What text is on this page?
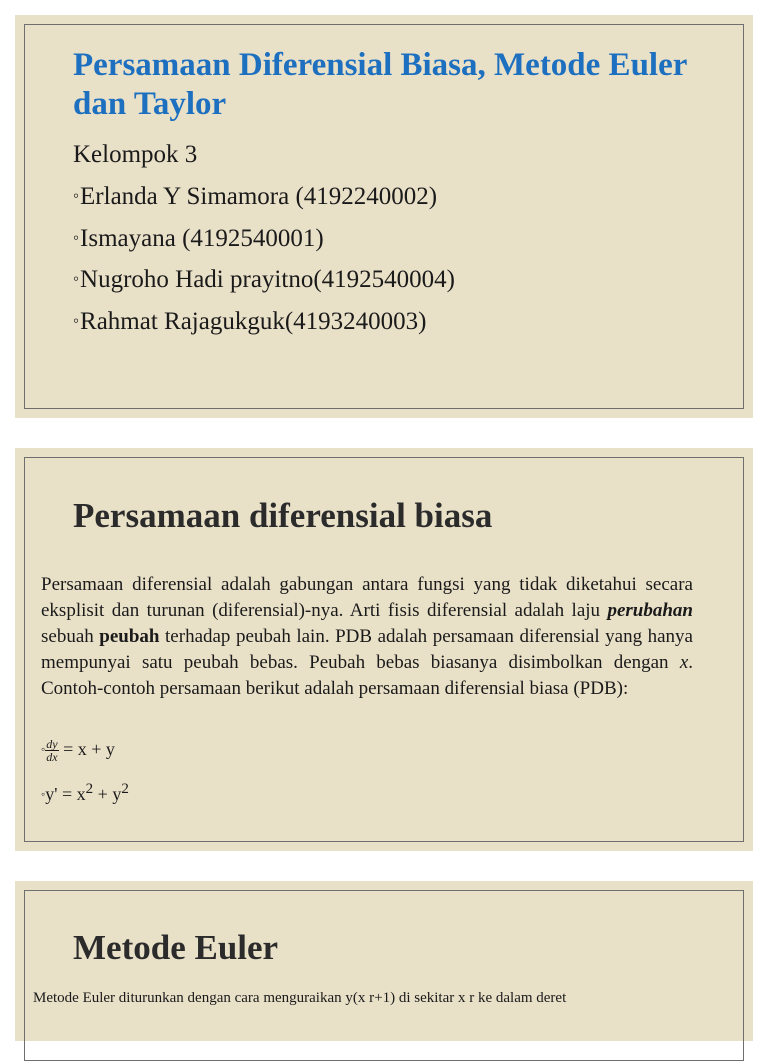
Persamaan Diferensial Biasa, Metode Euler dan Taylor
Kelompok 3
◦Erlanda Y Simamora (4192240002)
◦Ismayana (4192540001)
◦Nugroho Hadi prayitno(4192540004)
◦Rahmat Rajagukguk(4193240003)
Persamaan diferensial biasa
Persamaan diferensial adalah gabungan antara fungsi yang tidak diketahui secara eksplisit dan turunan (diferensial)-nya. Arti fisis diferensial adalah laju perubahan sebuah peubah terhadap peubah lain. PDB adalah persamaan diferensial yang hanya mempunyai satu peubah bebas. Peubah bebas biasanya disimbolkan dengan x. Contoh-contoh persamaan berikut adalah persamaan diferensial biasa (PDB):
◦ $\frac{dy}{dx} = x + y$
◦y' = $x^2 + y^2$
Metode Euler
Metode Euler diturunkan dengan cara menguraikan y(x r+1) di sekitar x r ke dalam deret
